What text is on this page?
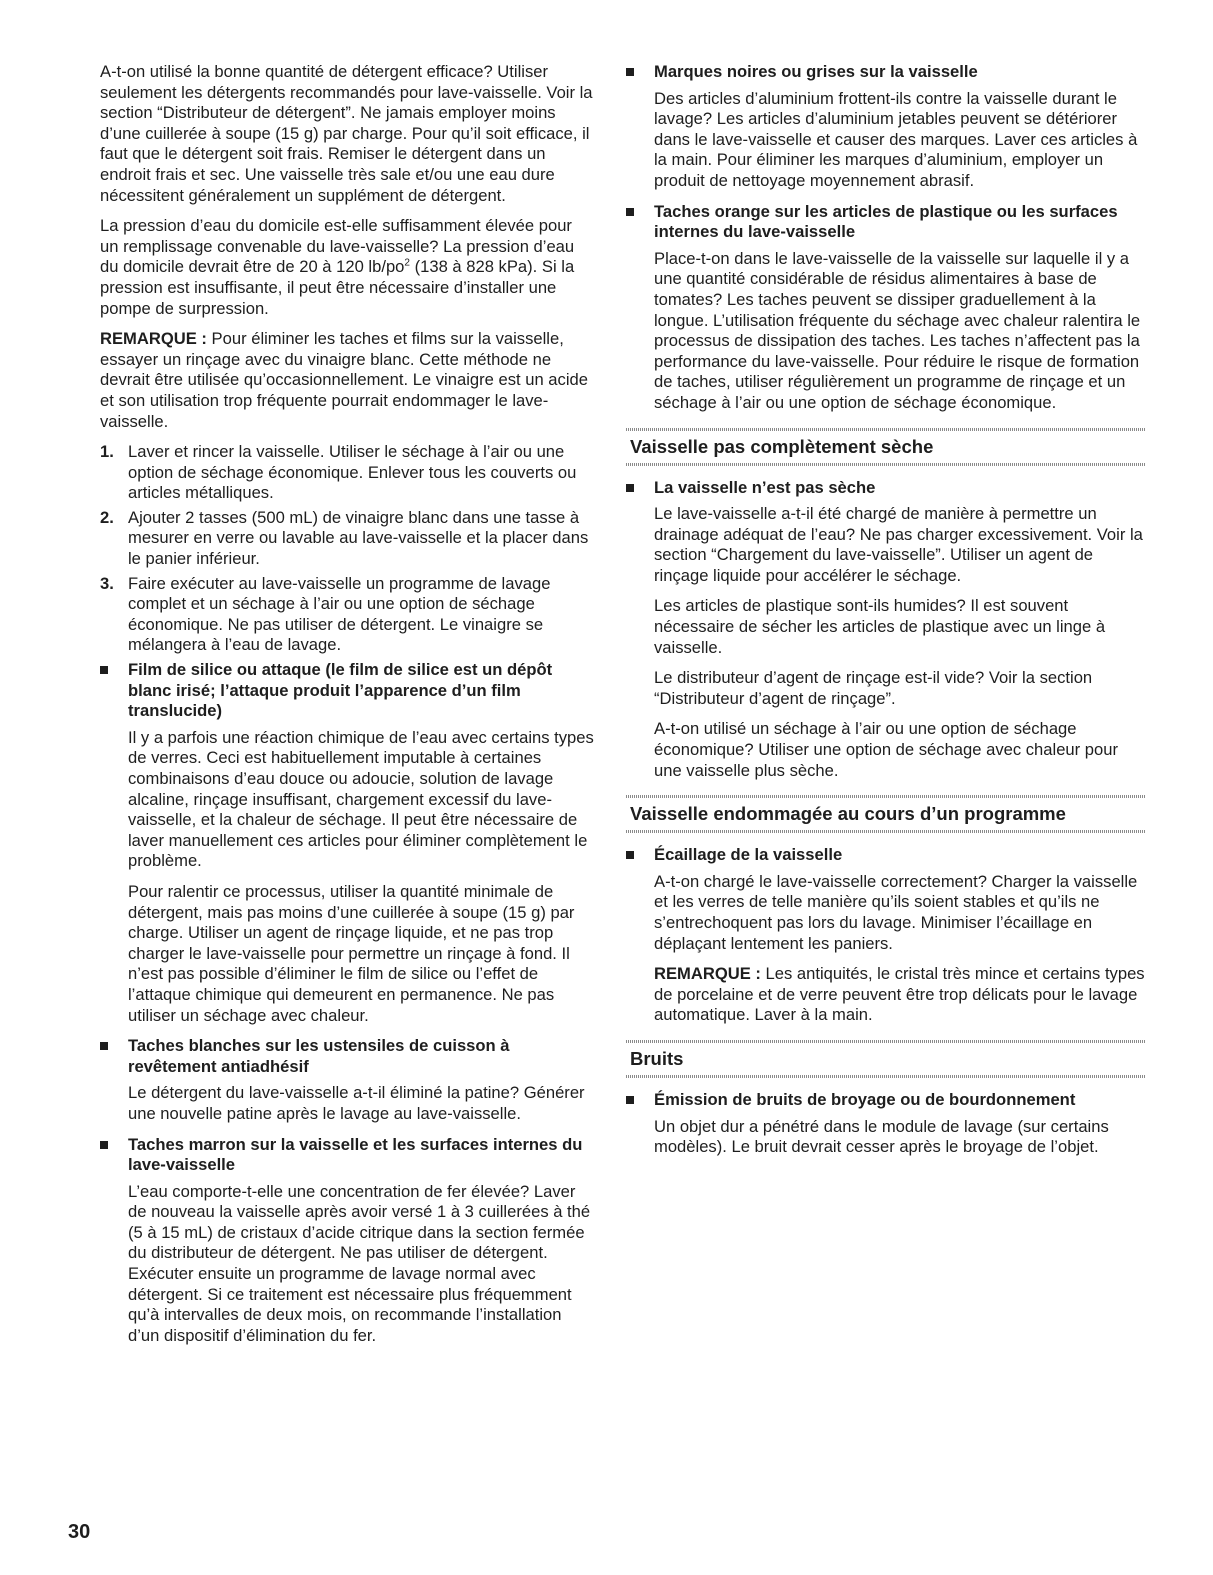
A-t-on utilisé la bonne quantité de détergent efficace? Utiliser seulement les détergents recommandés pour lave-vaisselle. Voir la section “Distributeur de détergent”. Ne jamais employer moins d’une cuillerée à soupe (15 g) par charge. Pour qu’il soit efficace, il faut que le détergent soit frais. Remiser le détergent dans un endroit frais et sec. Une vaisselle très sale et/ou une eau dure nécessitent généralement un supplément de détergent.

La pression d’eau du domicile est-elle suffisamment élevée pour un remplissage convenable du lave-vaisselle? La pression d’eau du domicile devrait être de 20 à 120 $lb/po^2$ (138 à 828 kPa). Si la pression est insuffisante, il peut être nécessaire d’installer une pompe de surpression.

REMARQUE : Pour éliminer les taches et films sur la vaisselle, essayer un rinçage avec du vinaigre blanc. Cette méthode ne devrait être utilisée qu’occasionnellement. Le vinaigre est un acide et son utilisation trop fréquente pourrait endommager le lave-vaisselle.

1. Laver et rincer la vaisselle. Utiliser le séchage à l’air ou une option de séchage économique. Enlever tous les couverts ou articles métalliques.
2. Ajouter 2 tasses (500 mL) de vinaigre blanc dans une tasse à mesurer en verre ou lavable au lave-vaisselle et la placer dans le panier inférieur.
3. Faire exécuter au lave-vaisselle un programme de lavage complet et un séchage à l’air ou une option de séchage économique. Ne pas utiliser de détergent. Le vinaigre se mélangera à l’eau de lavage.
Film de silice ou attaque (le film de silice est un dépôt blanc irisé; l’attaque produit l’apparence d’un film translucide)

Il y a parfois une réaction chimique de l’eau avec certains types de verres. Ceci est habituellement imputable à certaines combinaisons d’eau douce ou adoucie, solution de lavage alcaline, rinçage insuffisant, chargement excessif du lave-vaisselle, et la chaleur de séchage. Il peut être nécessaire de laver manuellement ces articles pour éliminer complètement le problème.

Pour ralentir ce processus, utiliser la quantité minimale de détergent, mais pas moins d’une cuillerée à soupe (15 g) par charge. Utiliser un agent de rinçage liquide, et ne pas trop charger le lave-vaisselle pour permettre un rinçage à fond. Il n’est pas possible d’éliminer le film de silice ou l’effet de l’attaque chimique qui demeurent en permanence. Ne pas utiliser un séchage avec chaleur.

Taches blanches sur les ustensiles de cuisson à revêtement antiadhésif

Le détergent du lave-vaisselle a-t-il éliminé la patine? Générer une nouvelle patine après le lavage au lave-vaisselle.

Taches marron sur la vaisselle et les surfaces internes du lave-vaisselle

L’eau comporte-t-elle une concentration de fer élevée? Laver de nouveau la vaisselle après avoir versé 1 à 3 cuillerées à thé (5 à 15 mL) de cristaux d’acide citrique dans la section fermée du distributeur de détergent. Ne pas utiliser de détergent. Exécuter ensuite un programme de lavage normal avec détergent. Si ce traitement est nécessaire plus fréquemment qu’à intervalles de deux mois, on recommande l’installation d’un dispositif d’élimination du fer.

Marques noires ou grises sur la vaisselle

Des articles d’aluminium frottent-ils contre la vaisselle durant le lavage? Les articles d’aluminium jetables peuvent se détériorer dans le lave-vaisselle et causer des marques. Laver ces articles à la main. Pour éliminer les marques d’aluminium, employer un produit de nettoyage moyennement abrasif.

Taches orange sur les articles de plastique ou les surfaces internes du lave-vaisselle

Place-t-on dans le lave-vaisselle de la vaisselle sur laquelle il y a une quantité considérable de résidus alimentaires à base de tomates? Les taches peuvent se dissiper graduellement à la longue. L’utilisation fréquente du séchage avec chaleur ralentira le processus de dissipation des taches. Les taches n’affectent pas la performance du lave-vaisselle. Pour réduire le risque de formation de taches, utiliser régulièrement un programme de rinçage et un séchage à l’air ou une option de séchage économique.

Vaisselle pas complètement sèche
La vaisselle n’est pas sèche

Le lave-vaisselle a-t-il été chargé de manière à permettre un drainage adéquat de l’eau? Ne pas charger excessivement. Voir la section “Chargement du lave-vaisselle”. Utiliser un agent de rinçage liquide pour accélérer le séchage.

Les articles de plastique sont-ils humides? Il est souvent nécessaire de sécher les articles de plastique avec un linge à vaisselle.

Le distributeur d’agent de rinçage est-il vide? Voir la section “Distributeur d’agent de rinçage”.

A-t-on utilisé un séchage à l’air ou une option de séchage économique? Utiliser une option de séchage avec chaleur pour une vaisselle plus sèche.

Vaisselle endommagée au cours d’un programme
Écaillage de la vaisselle

A-t-on chargé le lave-vaisselle correctement? Charger la vaisselle et les verres de telle manière qu’ils soient stables et qu’ils ne s’entrechoquent pas lors du lavage. Minimiser l’écaillage en déplaçant lentement les paniers.

REMARQUE : Les antiquités, le cristal très mince et certains types de porcelaine et de verre peuvent être trop délicats pour le lavage automatique. Laver à la main.

Bruits
Émission de bruits de broyage ou de bourdonnement

Un objet dur a pénétré dans le module de lavage (sur certains modèles). Le bruit devrait cesser après le broyage de l’objet.

30
